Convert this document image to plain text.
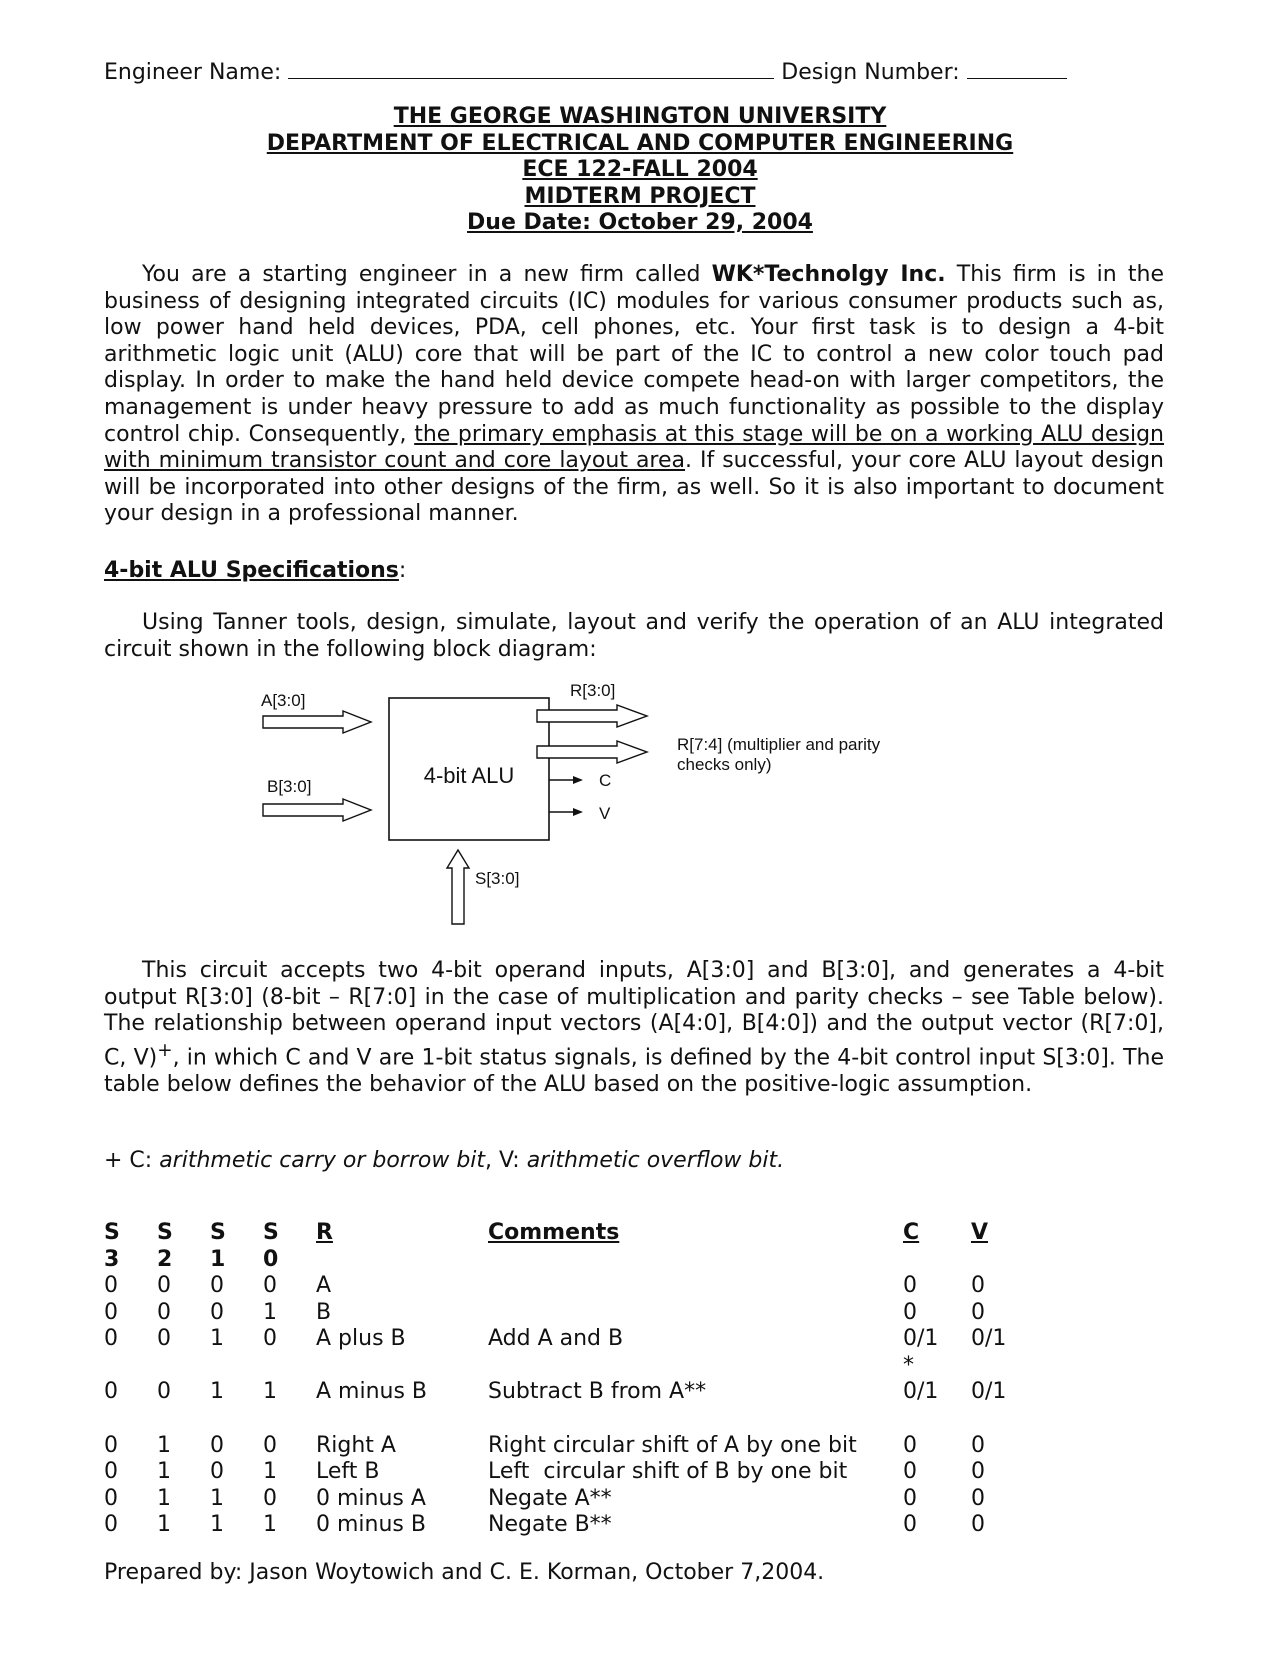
Engineer Name:	Design Number:
THE GEORGE WASHINGTON UNIVERSITY
DEPARTMENT OF ELECTRICAL AND COMPUTER ENGINEERING
ECE 122-FALL 2004
MIDTERM PROJECT
Due Date: October 29, 2004
You are a starting engineer in a new firm called WK*Technolgy Inc. This firm is in the business of designing integrated circuits (IC) modules for various consumer products such as, low power hand held devices, PDA, cell phones, etc. Your first task is to design a 4-bit arithmetic logic unit (ALU) core that will be part of the IC to control a new color touch pad display. In order to make the hand held device compete head-on with larger competitors, the management is under heavy pressure to add as much functionality as possible to the display control chip. Consequently, the primary emphasis at this stage will be on a working ALU design with minimum transistor count and core layout area. If successful, your core ALU layout design will be incorporated into other designs of the firm, as well. So it is also important to document your design in a professional manner.
4-bit ALU Specifications:
Using Tanner tools, design, simulate, layout and verify the operation of an ALU integrated circuit shown in the following block diagram:
4-bit ALU
A[3:0]
B[3:0]
R[3:0]
R[7:4] (multiplier and parity
checks only)
C
V
S[3:0]
This circuit accepts two 4-bit operand inputs, A[3:0] and B[3:0], and generates a 4-bit output R[3:0] (8-bit – R[7:0] in the case of multiplication and parity checks – see Table below). The relationship between operand input vectors (A[4:0], B[4:0]) and the output vector (R[7:0], C, V)+, in which C and V are 1-bit status signals, is defined by the 4-bit control input S[3:0]. The table below defines the behavior of the ALU based on the positive-logic assumption.
+ C: arithmetic carry or borrow bit, V: arithmetic overflow bit.
S 3	S 2	S 1	S 0	R	Comments	C	V
0	0	0	0	A		0	0
0	0	0	1	B		0	0
0	0	1	0	A plus B	Add A and B	0/1 *	0/1
0	0	1	1	A minus B	Subtract B from A**	0/1	0/1

0	1	0	0	Right A	Right circular shift of A by one bit	0	0
0	1	0	1	Left B	Left  circular shift of B by one bit	0	0
0	1	1	0	0 minus A	Negate A**	0	0
0	1	1	1	0 minus B	Negate B**	0	0
Prepared by: Jason Woytowich and C. E. Korman, October 7,2004.
